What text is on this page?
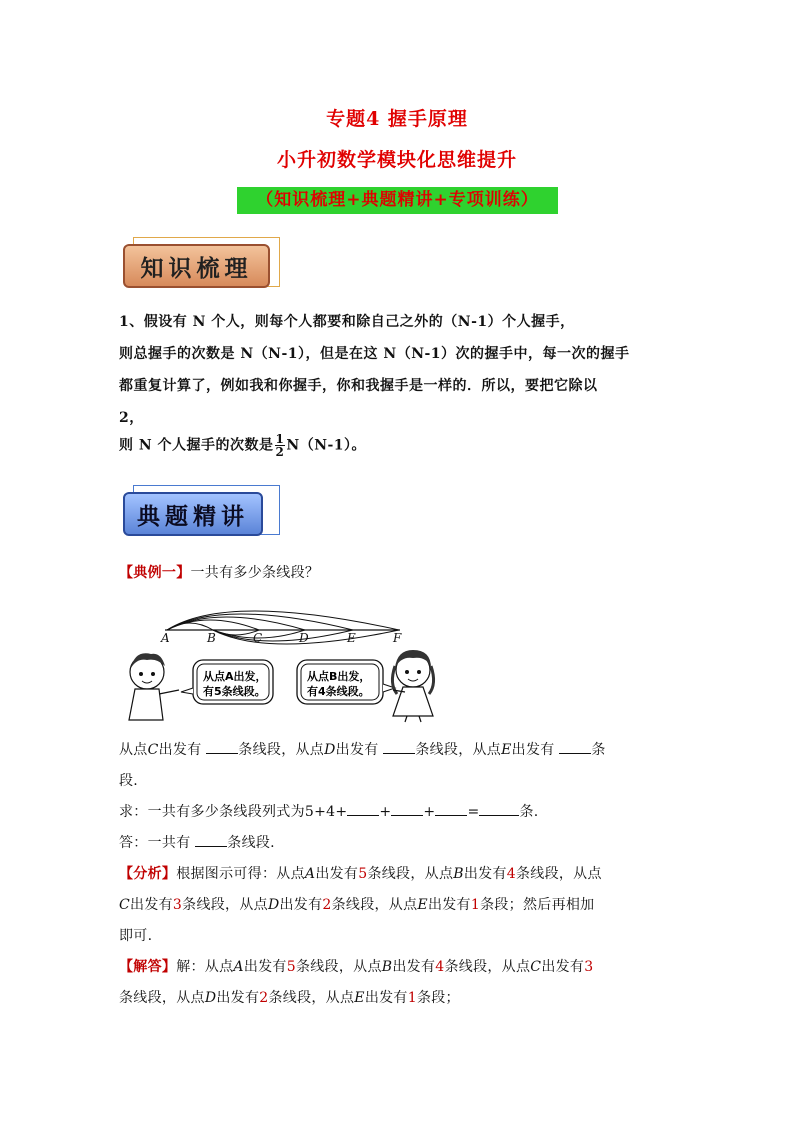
专题4 握手原理
小升初数学模块化思维提升
（知识梳理+典题精讲+专项训练）
知识梳理
1、假设有 N 个人，则每个人都要和除自己之外的（N-1）个人握手，
则总握手的次数是 N（N-1），但是在这 N（N-1）次的握手中，每一次的握手
都重复计算了，例如我和你握手，你和我握手是一样的．所以，要把它除以
2，
则 N 个人握手的次数是 $\frac{1}{2} N(N-1)$。
典题精讲
【典例一】一共有多少条线段？
A	B	C	D	E	F
从点A出发，
有5条线段。
从点B出发，
有4条线段。
从点C出发有	条线段，从点D出发有	条线段，从点E出发有	条
段.
求：一共有多少条线段列式为5+4+ + + =	条.
答：一共有	条线段.
【分析】根据图示可得：从点A出发有5条线段，从点B出发有4条线段，从点
C出发有3条线段，从点D出发有2条线段，从点E出发有1条段；然后再相加
即可.
【解答】解：从点A出发有5条线段，从点B出发有4条线段，从点C出发有3
条线段，从点D出发有2条线段，从点E出发有1条段；
